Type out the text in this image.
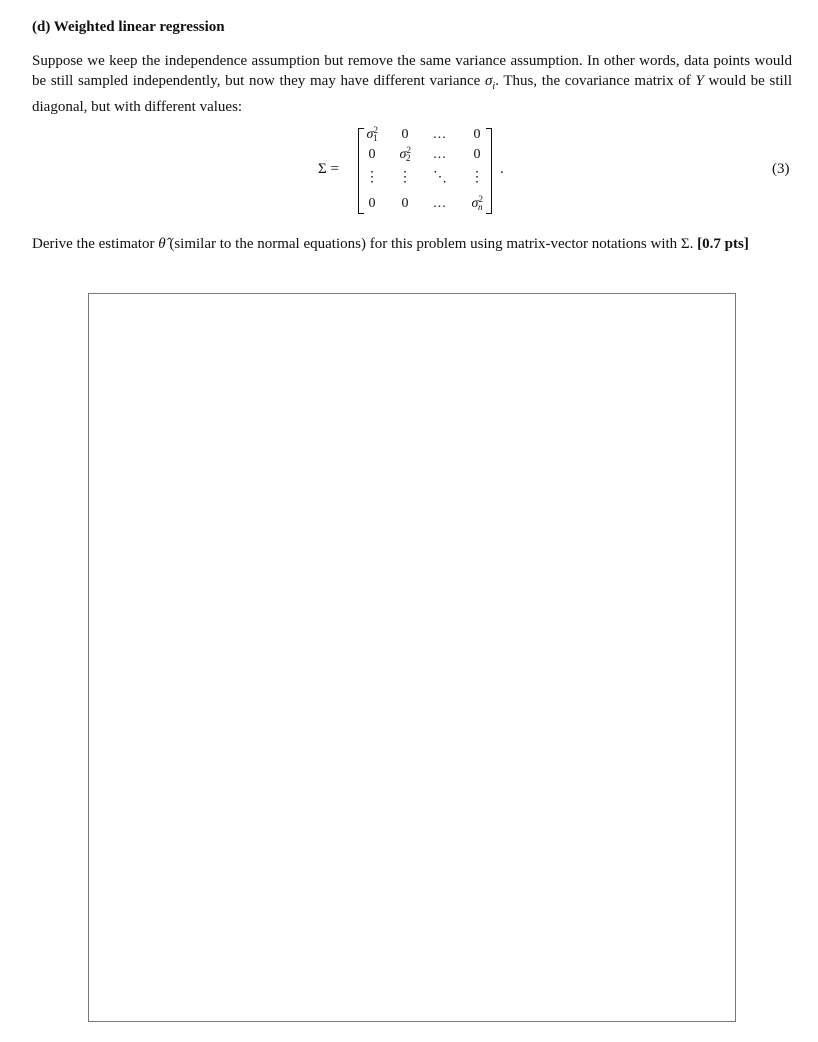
(d) Weighted linear regression

Suppose we keep the independence assumption but remove the same variance assumption. In other words, data points would be still sampled independently, but now they may have different variance $\sigma_i$. Thus, the covariance matrix of Y would be still diagonal, but with different values:

Σ =
$\sigma^2_1$	0	...	0
0	$\sigma^2_2$	...	0
⋮	⋮	⋱	⋮
0	0	...	$\sigma^2_n$
.	(3)

Derive the estimator θ̂ (similar to the normal equations) for this problem using matrix-vector notations with Σ. [0.7 pts]
